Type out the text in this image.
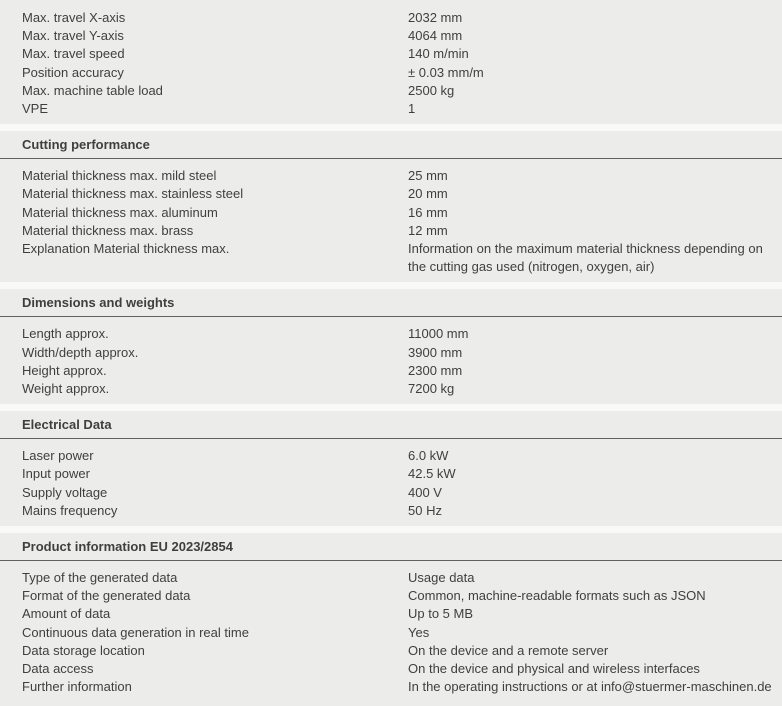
Max. travel X-axis	2032 mm
Max. travel Y-axis	4064 mm
Max. travel speed	140 m/min
Position accuracy	± 0.03 mm/m
Max. machine table load	2500 kg
VPE	1
Cutting performance
Material thickness max. mild steel	25 mm
Material thickness max. stainless steel	20 mm
Material thickness max. aluminum	16 mm
Material thickness max. brass	12 mm
Explanation Material thickness max.	Information on the maximum material thickness depending on the cutting gas used (nitrogen, oxygen, air)
Dimensions and weights
Length approx.	11000 mm
Width/depth approx.	3900 mm
Height approx.	2300 mm
Weight approx.	7200 kg
Electrical Data
Laser power	6.0 kW
Input power	42.5 kW
Supply voltage	400 V
Mains frequency	50 Hz
Product information EU 2023/2854
Type of the generated data	Usage data
Format of the generated data	Common, machine-readable formats such as JSON
Amount of data	Up to 5 MB
Continuous data generation in real time	Yes
Data storage location	On the device and a remote server
Data access	On the device and physical and wireless interfaces
Further information	In the operating instructions or at info@stuermer-maschinen.de
